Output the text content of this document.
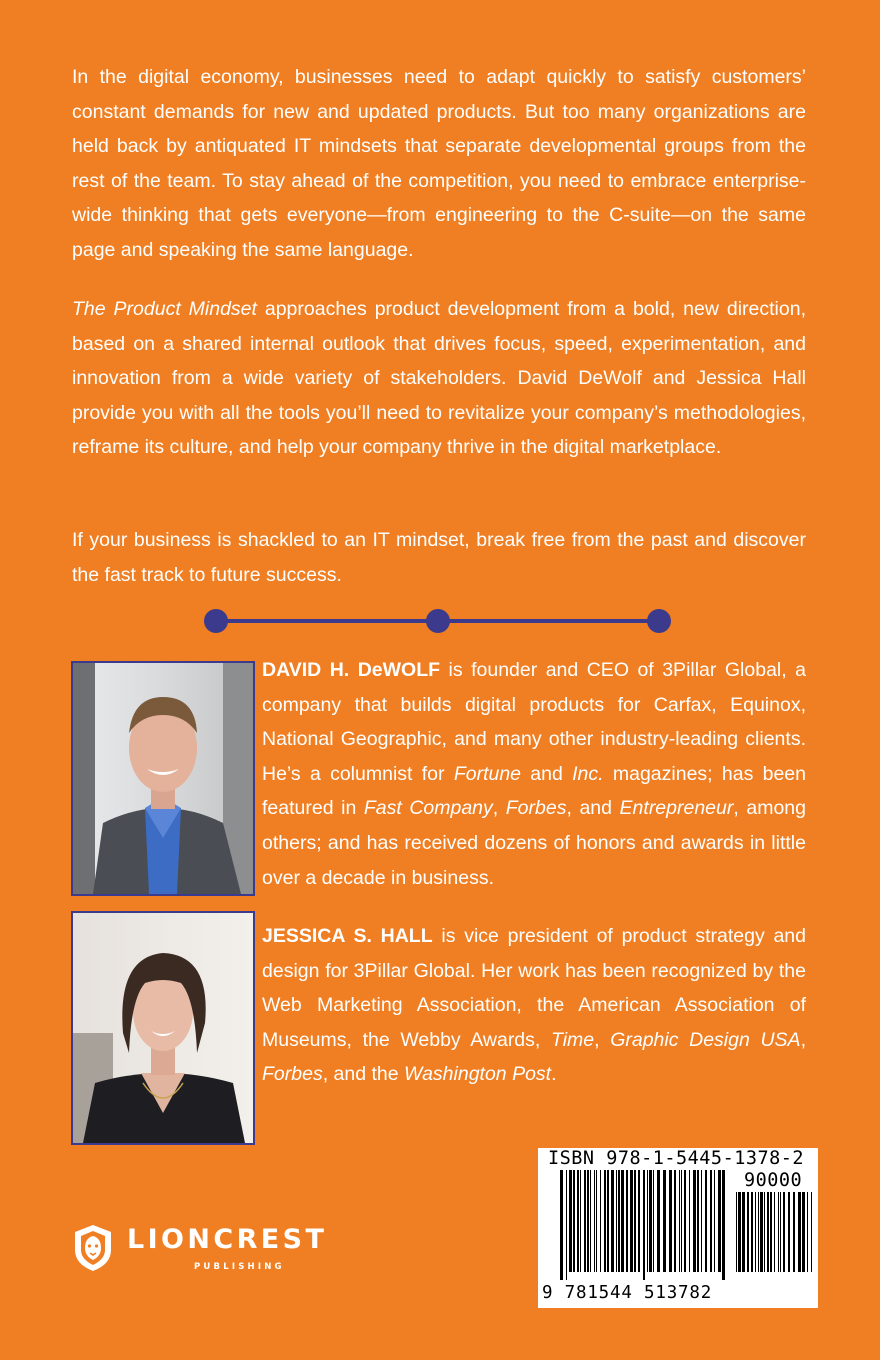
In the digital economy, businesses need to adapt quickly to satisfy customers’ constant demands for new and updated products. But too many organizations are held back by antiquated IT mindsets that separate developmental groups from the rest of the team. To stay ahead of the competition, you need to embrace enterprise-wide thinking that gets everyone—from engineering to the C-suite—on the same page and speaking the same language.

The Product Mindset approaches product development from a bold, new direction, based on a shared internal outlook that drives focus, speed, experimentation, and innovation from a wide variety of stakeholders. David DeWolf and Jessica Hall provide you with all the tools you’ll need to revitalize your company’s methodologies, reframe its culture, and help your company thrive in the digital marketplace.

If your business is shackled to an IT mindset, break free from the past and discover the fast track to future success.

DAVID H. DeWOLF is founder and CEO of 3Pillar Global, a company that builds digital products for Carfax, Equinox, National Geographic, and many other industry-leading clients. He’s a columnist for Fortune and Inc. magazines; has been featured in Fast Company, Forbes, and Entrepreneur, among others; and has received dozens of honors and awards in little over a decade in business.

JESSICA S. HALL is vice president of product strategy and design for 3Pillar Global. Her work has been recognized by the Web Marketing Association, the American Association of Museums, the Webby Awards, Time, Graphic Design USA, Forbes, and the Washington Post.

LIONCREST
PUBLISHING
ISBN 978-1-5445-1378-2
90000
9 781544 513782
